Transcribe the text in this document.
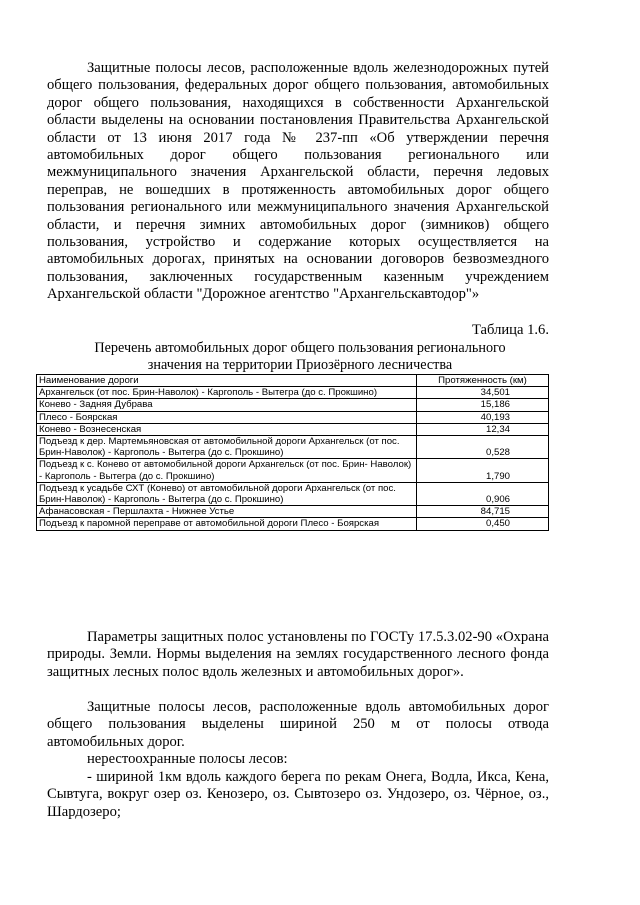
Защитные полосы лесов, расположенные вдоль железнодорожных путей общего пользования, федеральных дорог общего пользования, автомобильных дорог общего пользования, находящихся в собственности Архангельской области выделены на основании постановления Правительства Архангельской области от 13 июня 2017 года № 237-пп «Об утверждении перечня автомобильных дорог общего пользования регионального или межмуниципального значения Архангельской области, перечня ледовых переправ, не вошедших в протяженность автомобильных дорог общего пользования регионального или межмуниципального значения Архангельской области, и перечня зимних автомобильных дорог (зимников) общего пользования, устройство и содержание которых осуществляется на автомобильных дорогах, принятых на основании договоров безвозмездного пользования, заключенных государственным казенным учреждением Архангельской области "Дорожное агентство "Архангельскавтодор"»

Таблица 1.6.
Перечень автомобильных дорог общего пользования регионального значения на территории Приозёрного лесничества
Наименование дороги	Протяженность (км)
Архангельск (от пос. Брин-Наволок) - Каргополь - Вытегра (до с. Прокшино)	34,501
Конево - Задняя Дубрава	15,186
Плесо - Боярская	40,193
Конево - Вознесенская	12,34
Подъезд к дер. Мартемьяновская от автомобильной дороги Архангельск (от пос. Брин-Наволок) - Каргополь - Вытегра (до с. Прокшино)	0,528
Подъезд к с. Конево от автомобильной дороги Архангельск (от пос. Брин- Наволок) - Каргополь - Вытегра (до с. Прокшино)	1,790
Подъезд к усадьбе СХТ (Конево) от автомобильной дороги Архангельск (от пос. Брин-Наволок) - Каргополь - Вытегра (до с. Прокшино)	0,906
Афанасовская - Першлахта - Нижнее Устье	84,715
Подъезд к паромной переправе от автомобильной дороги Плесо - Боярская	0,450

Параметры защитных полос установлены по ГОСТу 17.5.3.02-90 «Охрана природы. Земли. Нормы выделения на землях государственного лесного фонда защитных лесных полос вдоль железных и автомобильных дорог».

Защитные полосы лесов, расположенные вдоль автомобильных дорог общего пользования выделены шириной 250 м от полосы отвода автомобильных дорог.

нерестоохранные полосы лесов:

- шириной 1км вдоль каждого берега по рекам Онега, Водла, Икса, Кена, Сывтуга, вокруг озер оз. Кенозеро, оз. Сывтозеро оз. Ундозеро, оз. Чёрное, оз., Шардозеро;
